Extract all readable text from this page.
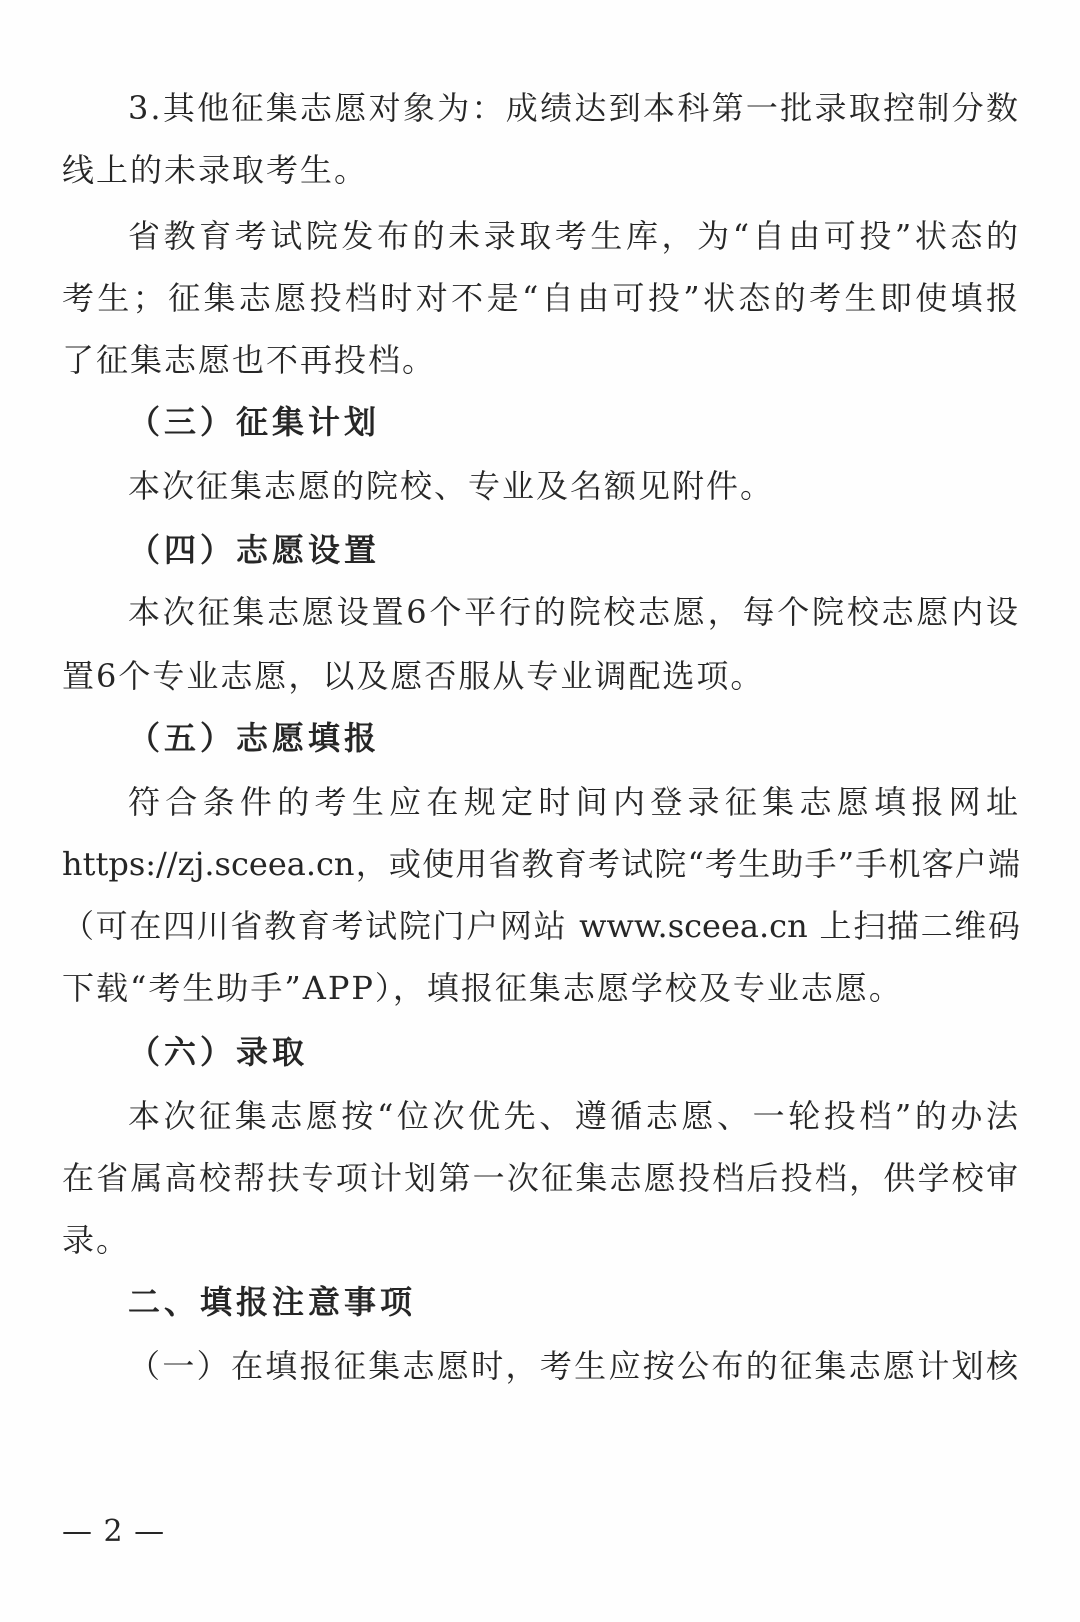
3.其他征集志愿对象为：成绩达到本科第一批录取控制分数
线上的未录取考生。
省教育考试院发布的未录取考生库，为“自由可投”状态的
考生；征集志愿投档时对不是“自由可投”状态的考生即使填报
了征集志愿也不再投档。
（三）征集计划
本次征集志愿的院校、专业及名额见附件。
（四）志愿设置
本次征集志愿设置6个平行的院校志愿，每个院校志愿内设
置6个专业志愿，以及愿否服从专业调配选项。
（五）志愿填报
符合条件的考生应在规定时间内登录征集志愿填报网址
https://zj.sceea.cn，或使用省教育考试院“考生助手”手机客户端
（可在四川省教育考试院门户网站 www.sceea.cn 上扫描二维码
下载“考生助手”APP），填报征集志愿学校及专业志愿。
（六）录取
本次征集志愿按“位次优先、遵循志愿、一轮投档”的办法
在省属高校帮扶专项计划第一次征集志愿投档后投档，供学校审
录。
二、填报注意事项
（一）在填报征集志愿时，考生应按公布的征集志愿计划核
— 2 —
